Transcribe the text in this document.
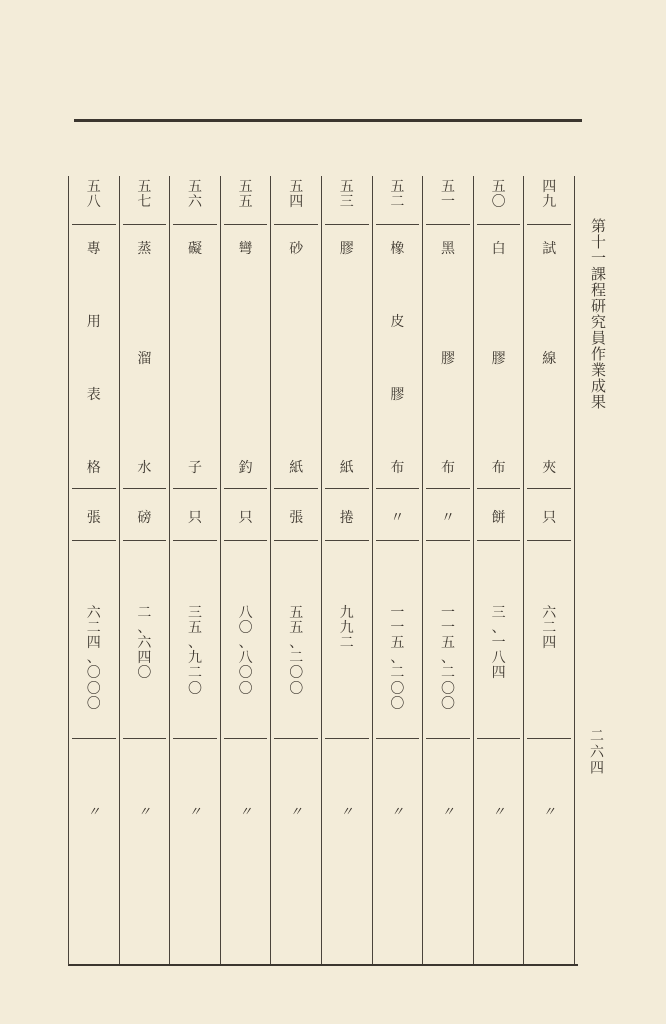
五
八
專
用
表
格
張
六
二
四
、
〇
〇
〇
〃
五
七
蒸
溜
水
磅
二
、
六
四
〇
〃
五
六
礙
子
只
三
五
、
九
二
〇
〃
五
五
彎
釣
只
八
〇
、
八
〇
〇
〃
五
四
砂
紙
張
五
五
、
二
〇
〇
〃
五
三
膠
紙
捲
九
九
二
〃
五
二
橡
皮
膠
布
〃
一
一
五
、
二
〇
〇
〃
五
一
黑
膠
布
〃
一
一
五
、
二
〇
〇
〃
五
〇
白
膠
布
餅
三
、
一
八
四
〃
四
九
試
線
夾
只
六
二
四
〃
第十一課程研究員作業成果
二六四
